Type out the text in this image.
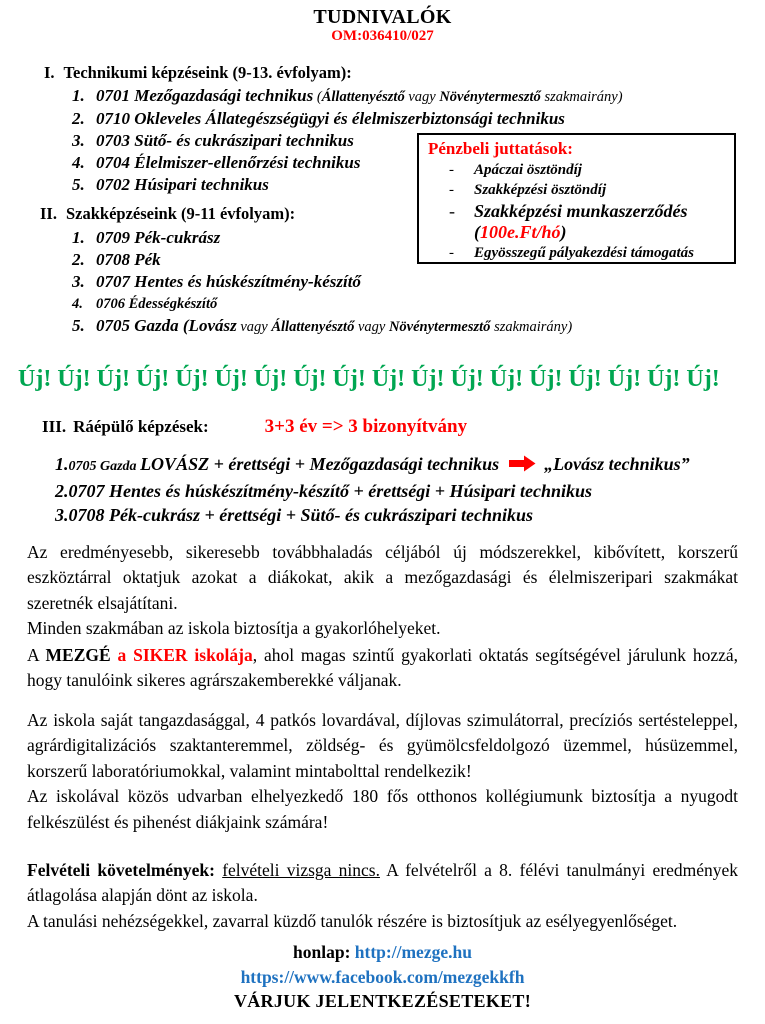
TUDNIVALÓK
OM:036410/027
I. Technikumi képzéseink (9-13. évfolyam):
1. 0701 Mezőgazdasági technikus (Állattenyésztő vagy Növénytermesztő szakmairány)
2. 0710 Okleveles Állategészségügyi és élelmiszerbiztonsági technikus
3. 0703 Sütő- és cukrászipari technikus
4. 0704 Élelmiszer-ellenőrzési technikus
5. 0702 Húsipari technikus
Pénzbeli juttatások:
-	Apáczai ösztöndíj
-	Szakképzési ösztöndíj
-	Szakképzési munkaszerződés
(100e.Ft/hó)
-	Egyösszegű pályakezdési támogatás
II. Szakképzéseink (9-11 évfolyam):
1. 0709 Pék-cukrász
2. 0708 Pék
3. 0707 Hentes és húskészítmény-készítő
4. 0706 Édességkészítő
5. 0705 Gazda (Lovász vagy Állattenyésztő vagy Növénytermesztő szakmairány)
Új! Új! Új! Új! Új! Új! Új! Új! Új! Új! Új! Új! Új! Új! Új! Új! Új! Új!
III. Ráépülő képzések:	3+3 év => 3 bizonyítvány
1.0705 Gazda LOVÁSZ + érettségi + Mezőgazdasági technikus	„Lovász technikus”
2.0707 Hentes és húskészítmény-készítő + érettségi + Húsipari technikus
3.0708 Pék-cukrász + érettségi + Sütő- és cukrászipari technikus
Az eredményesebb, sikeresebb továbbhaladás céljából új módszerekkel, kibővített, korszerű eszköztárral oktatjuk azokat a diákokat, akik a mezőgazdasági és élelmiszeripari szakmákat szeretnék elsajátítani.
Minden szakmában az iskola biztosítja a gyakorlóhelyeket.
A MEZGÉ a SIKER iskolája, ahol magas szintű gyakorlati oktatás segítségével járulunk hozzá, hogy tanulóink sikeres agrárszakemberekké váljanak.
Az iskola saját tangazdasággal, 4 patkós lovardával, díjlovas szimulátorral, precíziós sertésteleppel, agrárdigitalizációs szaktanteremmel, zöldség- és gyümölcsfeldolgozó üzemmel, húsüzemmel, korszerű laboratóriumokkal, valamint mintabolttal rendelkezik!
Az iskolával közös udvarban elhelyezkedő 180 fős otthonos kollégiumunk biztosítja a nyugodt felkészülést és pihenést diákjaink számára!
Felvételi követelmények: felvételi vizsga nincs. A felvételről a 8. félévi tanulmányi eredmények átlagolása alapján dönt az iskola.
A tanulási nehézségekkel, zavarral küzdő tanulók részére is biztosítjuk az esélyegyenlőséget.
honlap: http://mezge.hu
https://www.facebook.com/mezgekkfh
VÁRJUK JELENTKEZÉSETEKET!
